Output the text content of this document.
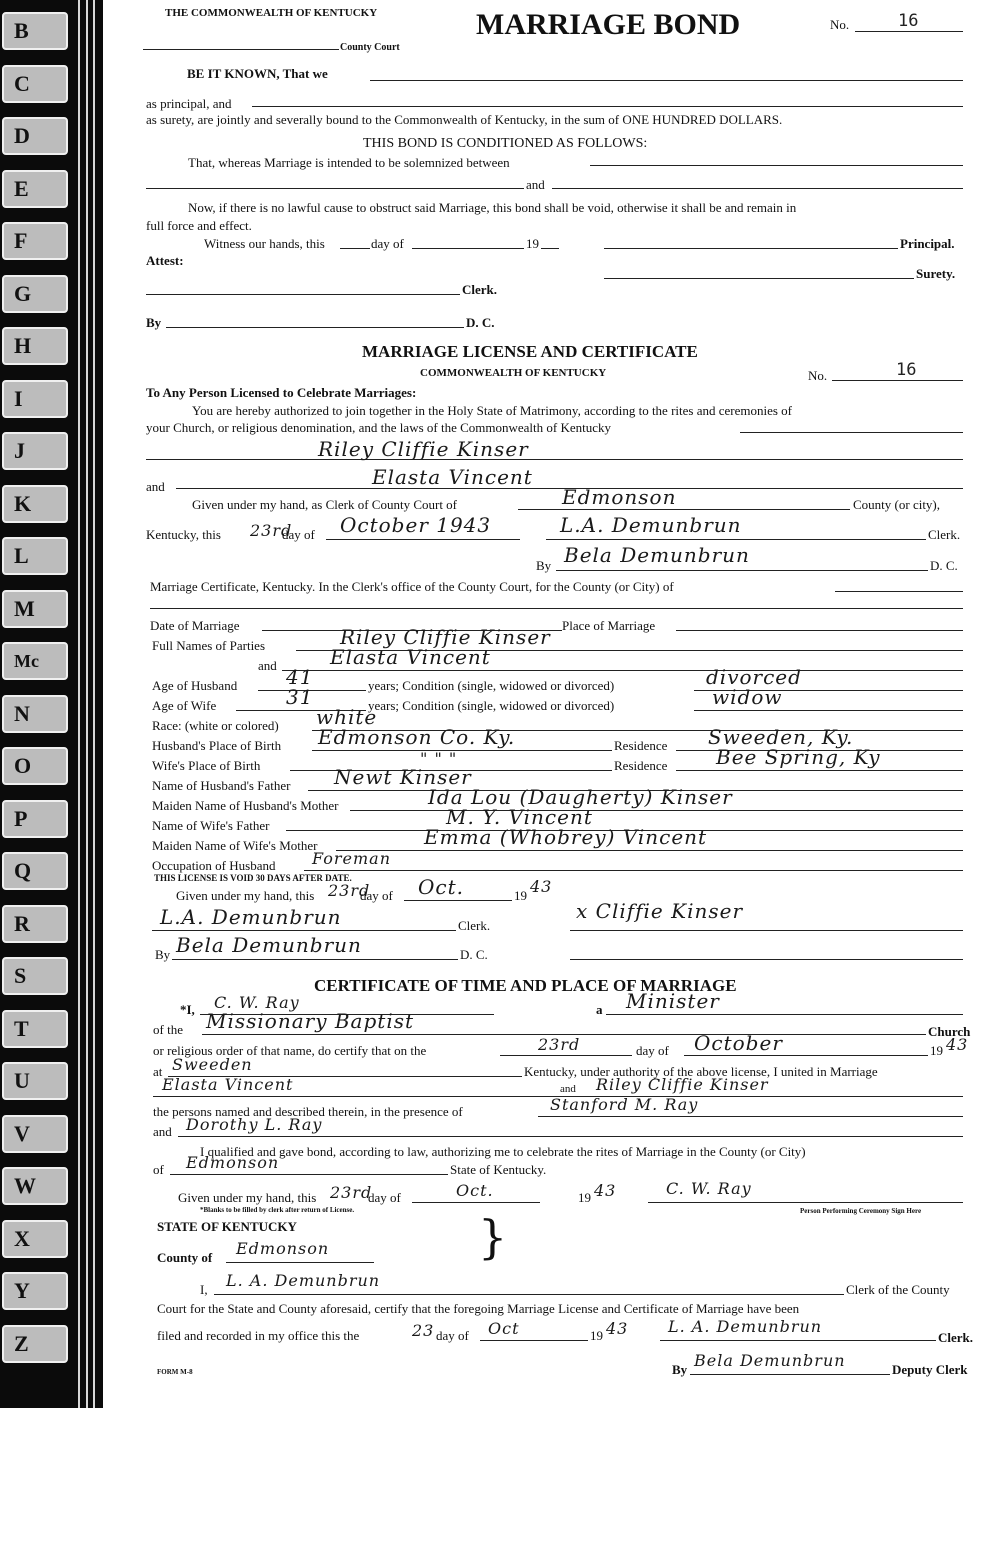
B
C
D
E
F
G
H
I
J
K
L
M
Mc
N
O
P
Q
R
S
T
U
V
W
X
Y
Z
THE COMMONWEALTH OF KENTUCKY	MARRIAGE BOND	No.	16
County Court
BE IT KNOWN, That we
as principal, and
as surety, are jointly and severally bound to the Commonwealth of Kentucky, in the sum of ONE HUNDRED DOLLARS.
THIS BOND IS CONDITIONED AS FOLLOWS:
That, whereas Marriage is intended to be solemnized between
and
Now, if there is no lawful cause to obstruct said Marriage, this bond shall be void, otherwise it shall be and remain in
full force and effect.
Witness our hands, this	day of	19	Principal.
Attest:
Surety.
Clerk.
By	D. C.
MARRIAGE LICENSE AND CERTIFICATE
COMMONWEALTH OF KENTUCKY	No.	16
To Any Person Licensed to Celebrate Marriages:
You are hereby authorized to join together in the Holy State of Matrimony, according to the rites and ceremonies of
your Church, or religious denomination, and the laws of the Commonwealth of Kentucky
Riley Cliffie Kinser
and	Elasta Vincent
Given under my hand, as Clerk of County Court of	Edmonson	County (or city),
Kentucky, this 23rd
day of October 1943	L.A. Demunbrun	Clerk.
By Bela Demunbrun	D. C.
Marriage Certificate, Kentucky. In the Clerk's office of the County Court, for the County (or City) of
Date of Marriage	Place of Marriage
Full Names of Parties	Riley Cliffie Kinser
and	Elasta Vincent
Age of Husband 41	years; Condition (single, widowed or divorced)	divorced
Age of Wife	31	years; Condition (single, widowed or divorced)	widow
Race: (white or colored) white
Husband's Place of Birth Edmonson Co. Ky.	Residence Sweeden, Ky.
Wife's Place of Birth	" " "	Residence Bee Spring, Ky
Name of Husband's Father Newt Kinser
Maiden Name of Husband's Mother	Ida Lou (Daugherty) Kinser
Name of Wife's Father	M. Y. Vincent
Maiden Name of Wife's Mother	Emma (Whobrey) Vincent
Occupation of Husband Foreman
THIS LICENSE IS VOID 30 DAYS AFTER DATE.
Given under my hand, this 23rd
day of Oct.	19 43
L.A. Demunbrun	Clerk.
x Cliffie Kinser
By Bela Demunbrun	D. C.
CERTIFICATE OF TIME AND PLACE OF MARRIAGE
*I, C. W. Ray	a Minister
of the Missionary Baptist	Church
or religious order of that name, do certify that on the	23rd	day of October	19 43
at Sweeden	Kentucky, under authority of the above license, I united in Marriage
Elasta Vincent	and Riley Cliffie Kinser
the persons named and described therein, in the presence of	Stanford M. Ray
and Dorothy L. Ray
I qualified and gave bond, according to law, authorizing me to celebrate the rites of Marriage in the County (or City)
of Edmonson	State of Kentucky.
Given under my hand, this 23rd
day of	Oct.	19 43	C. W. Ray
*Blanks to be filled by clerk after return of License.	Person Performing Ceremony Sign Here
STATE OF KENTUCKY	}
County of Edmonson
I, L. A. Demunbrun	Clerk of the County
Court for the State and County aforesaid, certify that the foregoing Marriage License and Certificate of Marriage have been
filed and recorded in my office this the	23 day of Oct	19 43 L. A. Demunbrun
Clerk.
By Bela Demunbrun	Deputy Clerk
FORM M-8
